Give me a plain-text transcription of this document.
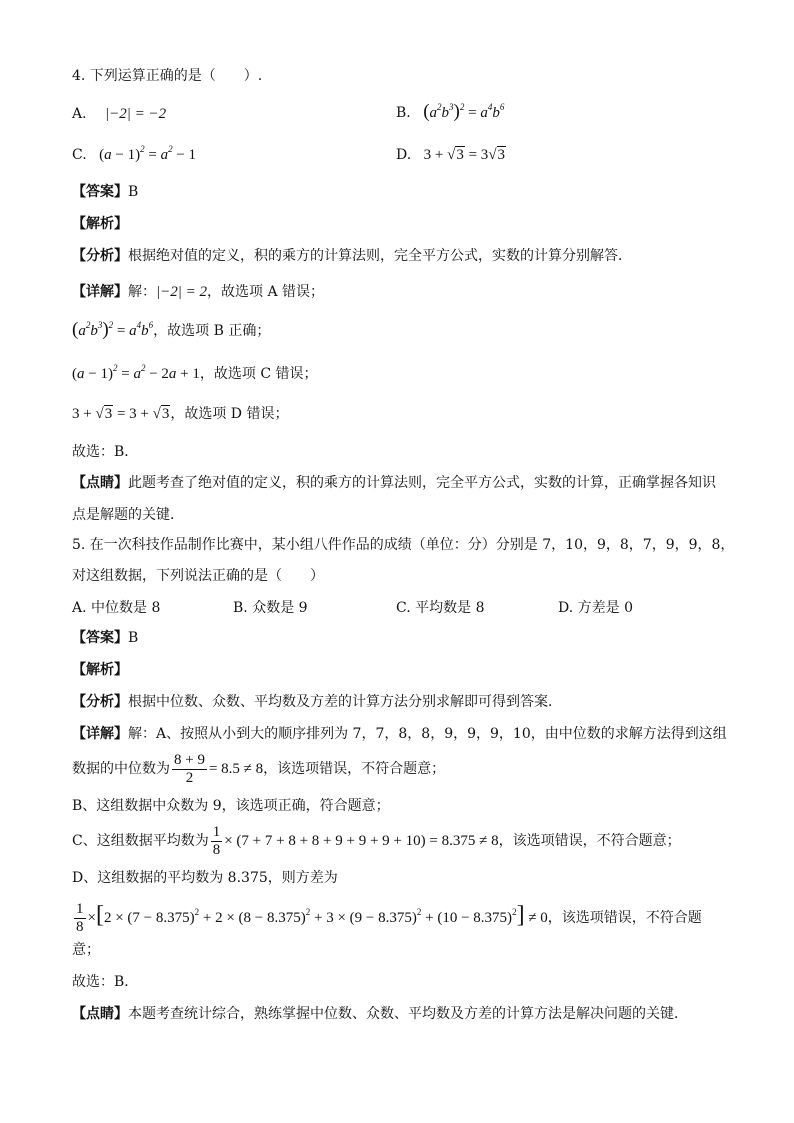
4. 下列运算正确的是（　　）.
A. |−2| = −2	B. $(a^2b^3)^2 = a^4b^6$
C. $(a - 1)^2 = a^2 - 1$	D. 3 + √3 = 3√3
【答案】B
【解析】
【分析】根据绝对值的定义，积的乘方的计算法则，完全平方公式，实数的计算分别解答．
【详解】解：|−2| = 2，故选项 A 错误；
$(a^2b^3)^2 = a^4b^6$，故选项 B 正确；
$(a - 1)^2 = a^2 - 2a + 1$，故选项 C 错误；
3 + √3 = 3 + √3，故选项 D 错误；
故选：B．
【点睛】此题考查了绝对值的定义，积的乘方的计算法则，完全平方公式，实数的计算，正确掌握各知识
点是解题的关键．
5. 在一次科技作品制作比赛中，某小组八件作品的成绩（单位：分）分别是 7，10，9，8，7，9，9，8，
对这组数据，下列说法正确的是（　　）
A. 中位数是 8	B. 众数是 9	C. 平均数是 8	D. 方差是 0
【答案】B
【解析】
【分析】根据中位数、众数、平均数及方差的计算方法分别求解即可得到答案．
【详解】解：A、按照从小到大的顺序排列为 7，7，8，8，9，9，9，10，由中位数的求解方法得到这组
数据的中位数为 $\frac{8 + 9}{2} = 8.5 \ne 8$，该选项错误，不符合题意；
B、这组数据中众数为 9，该选项正确，符合题意；
C、这组数据平均数为 $\frac{1}{8} \times (7 + 7 + 8 + 8 + 9 + 9 + 9 + 10) = 8.375 \ne 8$，该选项错误，不符合题意；
D、这组数据的平均数为 8.375，则方差为
$\frac{1}{8} \times[2 \times (7 - 8.375)^2 + 2 \times (8 - 8.375)^2 + 3 \times (9 - 8.375)^2 + (10 - 8.375)^2] \ne 0$，该选项错误，不符合题
意；
故选：B．
【点睛】本题考查统计综合，熟练掌握中位数、众数、平均数及方差的计算方法是解决问题的关键．
